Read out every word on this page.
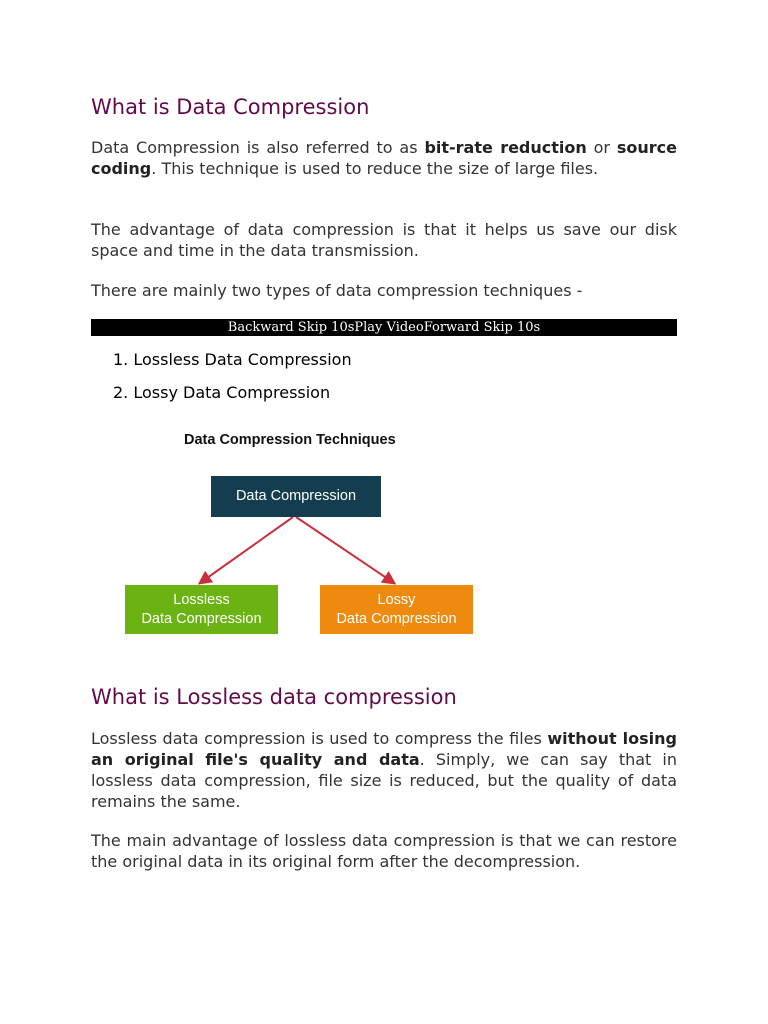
What is Data Compression

Data Compression is also referred to as bit-rate reduction or source coding. This technique is used to reduce the size of large files.

The advantage of data compression is that it helps us save our disk space and time in the data transmission.

There are mainly two types of data compression techniques -

Backward Skip 10sPlay VideoForward Skip 10s
1. Lossless Data Compression
2. Lossy Data Compression
Data Compression Techniques
Data Compression
Lossless
Data Compression
Lossy
Data Compression
What is Lossless data compression

Lossless data compression is used to compress the files without losing an original file's quality and data. Simply, we can say that in lossless data compression, file size is reduced, but the quality of data remains the same.

The main advantage of lossless data compression is that we can restore the original data in its original form after the decompression.
